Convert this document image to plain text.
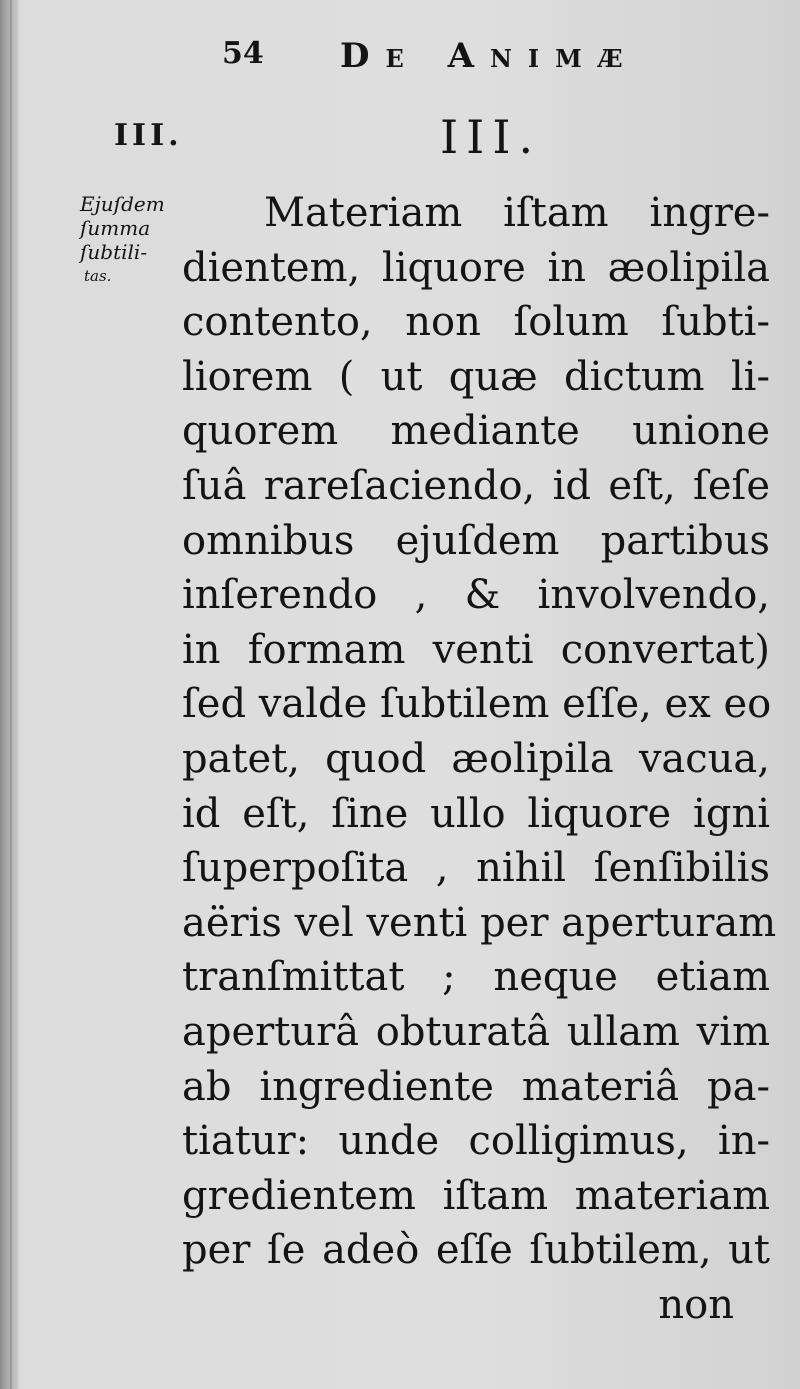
54 De Animæ
III.	III.
Ejuſdem
ſumma
ſubtili-
tas.
Materiam iſtam ingre-
dientem, liquore in æolipila
contento, non ſolum ſubti-
liorem ( ut quæ dictum li-
quorem mediante unione
ſuâ rareſaciendo, id eſt, ſeſe
omnibus ejuſdem partibus
inſerendo , & involvendo,
in formam venti convertat)
ſed valde ſubtilem eſſe, ex eo
patet, quod æolipila vacua,
id eſt, ſine ullo liquore igni
ſuperpoſita , nihil ſenſibilis
aëris vel venti per aperturam
tranſmittat ; neque etiam
aperturâ obturatâ ullam vim
ab ingrediente materiâ pa-
tiatur: unde colligimus, in-
gredientem iſtam materiam
per ſe adeò eſſe ſubtilem, ut
non
